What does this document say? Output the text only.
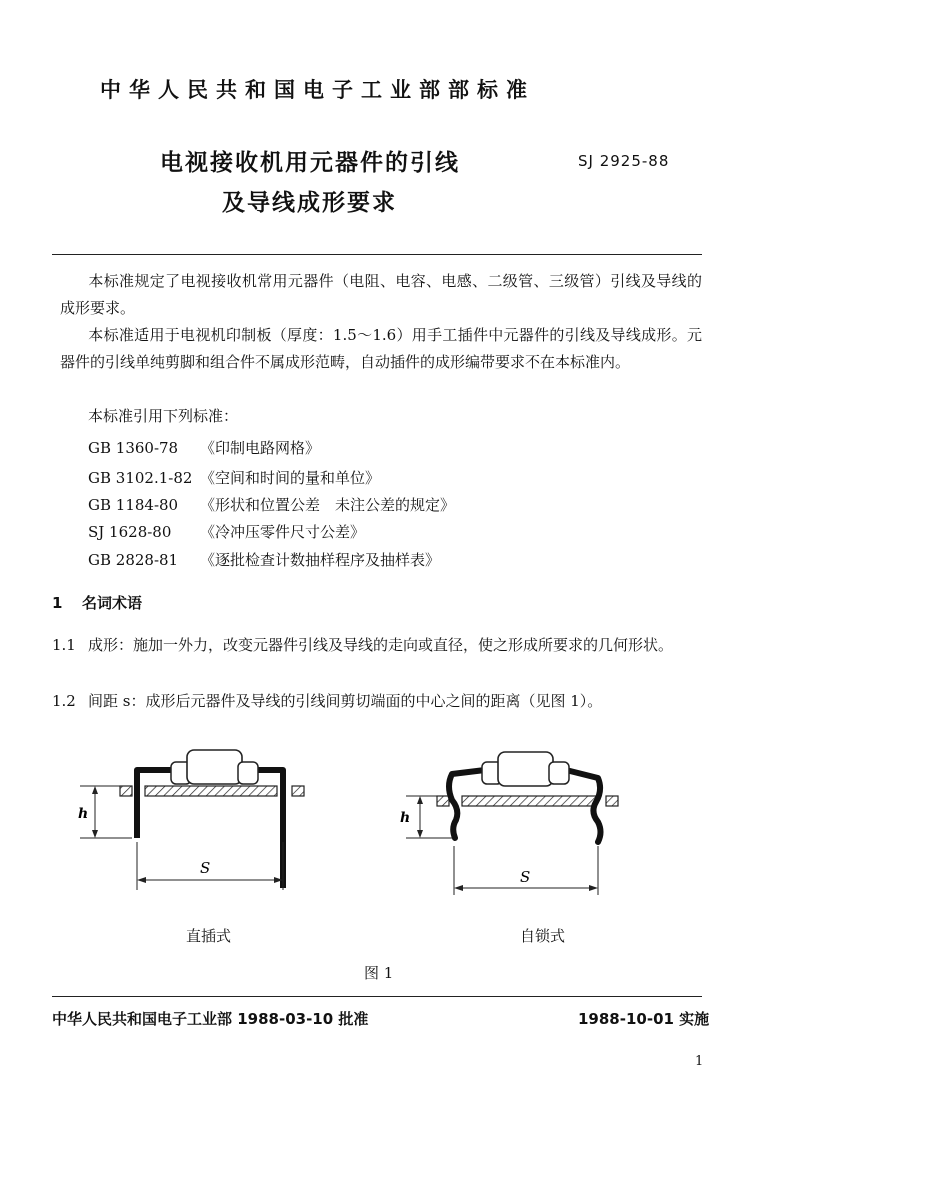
中华人民共和国电子工业部部标准
电视接收机用元器件的引线
及导线成形要求
SJ 2925-88
本标准规定了电视接收机常用元器件（电阻、电容、电感、二级管、三级管）引线及导线的成形要求。
本标准适用于电视机印制板（厚度：1.5～1.6）用手工插件中元器件的引线及导线成形。元器件的引线单纯剪脚和组合件不属成形范畴，自动插件的成形编带要求不在本标准内。
本标准引用下列标准：
GB 1360-78 《印制电路网格》
GB 3102.1-82 《空间和时间的量和单位》
GB 1184-80 《形状和位置公差　未注公差的规定》
SJ 1628-80 《冷冲压零件尺寸公差》
GB 2828-81 《逐批检查计数抽样程序及抽样表》
1 名词术语
1.1 成形：施加一外力，改变元器件引线及导线的走向或直径，使之形成所要求的几何形状。
1.2 间距 s：成形后元器件及导线的引线间剪切端面的中心之间的距离（见图 1）。
h
S
h
S
直插式	自锁式
图 1
中华人民共和国电子工业部 1988-03-10 批准	1988-10-01 实施
1
